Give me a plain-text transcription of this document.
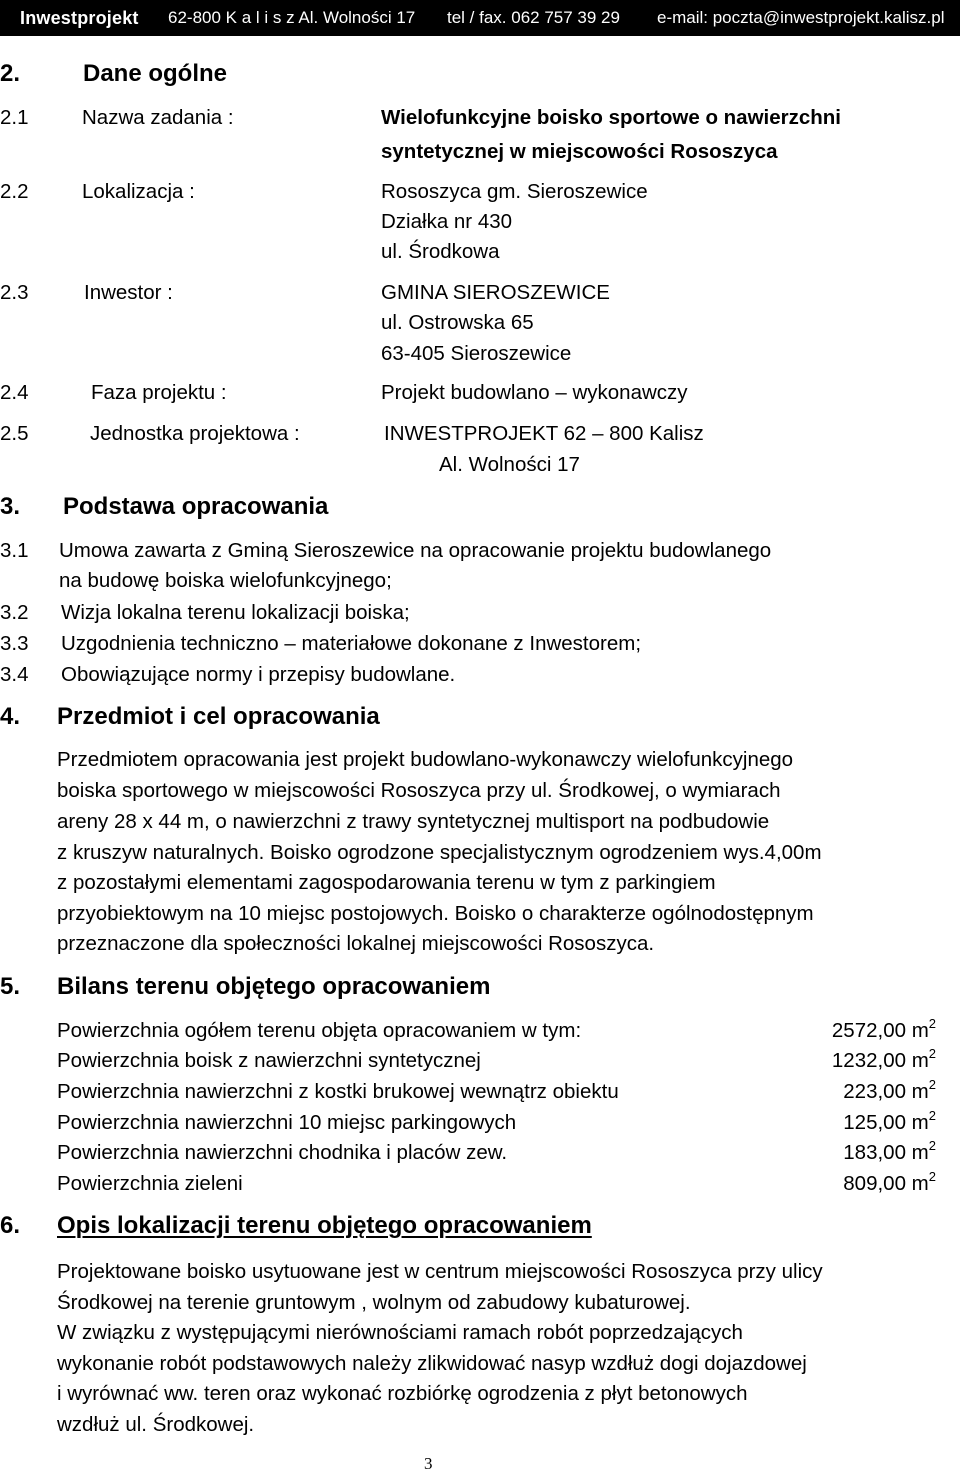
Inwestprojekt 62-800 K a l i s z Al. Wolności 17 tel / fax. 062 757 39 29 e-mail: poczta@inwestprojekt.kalisz.pl
2.	Dane ogólne
2.1	Nazwa zadania :	Wielofunkcyjne boisko sportowe o nawierzchni
syntetycznej w miejscowości Rososzyca
2.2	Lokalizacja :	Rososzyca gm. Sieroszewice
Działka nr 430
ul. Środkowa
2.3	Inwestor :	GMINA SIEROSZEWICE
ul. Ostrowska 65
63-405 Sieroszewice
2.4	Faza projektu :	Projekt budowlano – wykonawczy
2.5	Jednostka projektowa :	INWESTPROJEKT 62 – 800 Kalisz
Al. Wolności 17
3. Podstawa opracowania
3.1 Umowa zawarta z Gminą Sieroszewice na opracowanie projektu budowlanego
na budowę boiska wielofunkcyjnego;
3.2 Wizja lokalna terenu lokalizacji boiska;
3.3 Uzgodnienia techniczno – materiałowe dokonane z Inwestorem;
3.4 Obowiązujące normy i przepisy budowlane.
4. Przedmiot i cel opracowania
Przedmiotem opracowania jest projekt budowlano-wykonawczy wielofunkcyjnego
boiska sportowego w miejscowości Rososzyca przy ul. Środkowej, o wymiarach
areny 28 x 44 m, o nawierzchni z trawy syntetycznej multisport na podbudowie
z kruszyw naturalnych. Boisko ogrodzone specjalistycznym ogrodzeniem wys.4,00m
z pozostałymi elementami zagospodarowania terenu w tym z parkingiem
przyobiektowym na 10 miejsc postojowych. Boisko o charakterze ogólnodostępnym
przeznaczone dla społeczności lokalnej miejscowości Rososzyca.
5. Bilans terenu objętego opracowaniem
Powierzchnia ogółem terenu objęta opracowaniem w tym:	2572,00 $m^2$
Powierzchnia boisk z nawierzchni syntetycznej	1232,00 $m^2$
Powierzchnia nawierzchni z kostki brukowej wewnątrz obiektu	223,00 $m^2$
Powierzchnia nawierzchni 10 miejsc parkingowych	125,00 $m^2$
Powierzchnia nawierzchni chodnika i placów zew.	183,00 $m^2$
Powierzchnia zieleni	809,00 $m^2$
6. Opis lokalizacji terenu objętego opracowaniem
Projektowane boisko usytuowane jest w centrum miejscowości Rososzyca przy ulicy
Środkowej na terenie gruntowym , wolnym od zabudowy kubaturowej.
W związku z występującymi nierównościami ramach robót poprzedzających
wykonanie robót podstawowych należy zlikwidować nasyp wzdłuż dogi dojazdowej
i wyrównać ww. teren oraz wykonać rozbiórkę ogrodzenia z płyt betonowych
wzdłuż ul. Środkowej.
3
